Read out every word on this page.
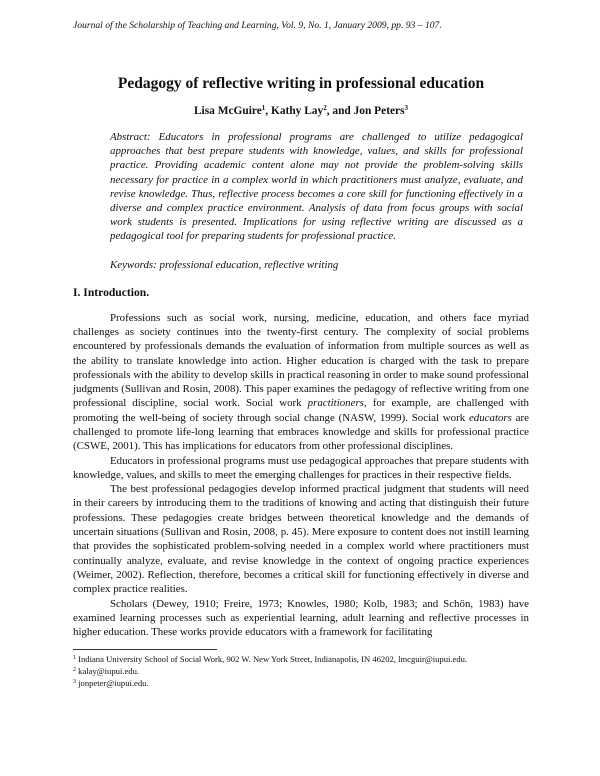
Journal of the Scholarship of Teaching and Learning, Vol. 9, No. 1, January 2009, pp. 93 – 107.
Pedagogy of reflective writing in professional education
Lisa McGuire$^1$, Kathy Lay$^2$, and Jon Peters$^3$
Abstract: Educators in professional programs are challenged to utilize pedagogical approaches that best prepare students with knowledge, values, and skills for professional practice. Providing academic content alone may not provide the problem-solving skills necessary for practice in a complex world in which practitioners must analyze, evaluate, and revise knowledge. Thus, reflective process becomes a core skill for functioning effectively in a diverse and complex practice environment. Analysis of data from focus groups with social work students is presented. Implications for using reflective writing are discussed as a pedagogical tool for preparing students for professional practice.
Keywords: professional education, reflective writing
I. Introduction.

Professions such as social work, nursing, medicine, education, and others face myriad challenges as society continues into the twenty-first century. The complexity of social problems encountered by professionals demands the evaluation of information from multiple sources as well as the ability to translate knowledge into action. Higher education is charged with the task to prepare professionals with the ability to develop skills in practical reasoning in order to make sound professional judgments (Sullivan and Rosin, 2008). This paper examines the pedagogy of reflective writing from one professional discipline, social work. Social work practitioners, for example, are challenged with promoting the well-being of society through social change (NASW, 1999). Social work educators are challenged to promote life-long learning that embraces knowledge and skills for professional practice (CSWE, 2001). This has implications for educators from other professional disciplines.

Educators in professional programs must use pedagogical approaches that prepare students with knowledge, values, and skills to meet the emerging challenges for practices in their respective fields.

The best professional pedagogies develop informed practical judgment that students will need in their careers by introducing them to the traditions of knowing and acting that distinguish their future professions. These pedagogies create bridges between theoretical knowledge and the demands of uncertain situations (Sullivan and Rosin, 2008, p. 45). Mere exposure to content does not instill learning that provides the sophisticated problem-solving needed in a complex world where practitioners must continually analyze, evaluate, and revise knowledge in the context of ongoing practice experiences (Weimer, 2002). Reflection, therefore, becomes a critical skill for functioning effectively in diverse and complex practice realities.

Scholars (Dewey, 1910; Freire, 1973; Knowles, 1980; Kolb, 1983; and Schön, 1983) have examined learning processes such as experiential learning, adult learning and reflective processes in higher education. These works provide educators with a framework for facilitating

$^1$ Indiana University School of Social Work, 902 W. New York Street, Indianapolis, IN 46202, lmcguir@iupui.edu.
$^2$ kalay@iupui.edu.
$^3$ jonpeter@iupui.edu.
